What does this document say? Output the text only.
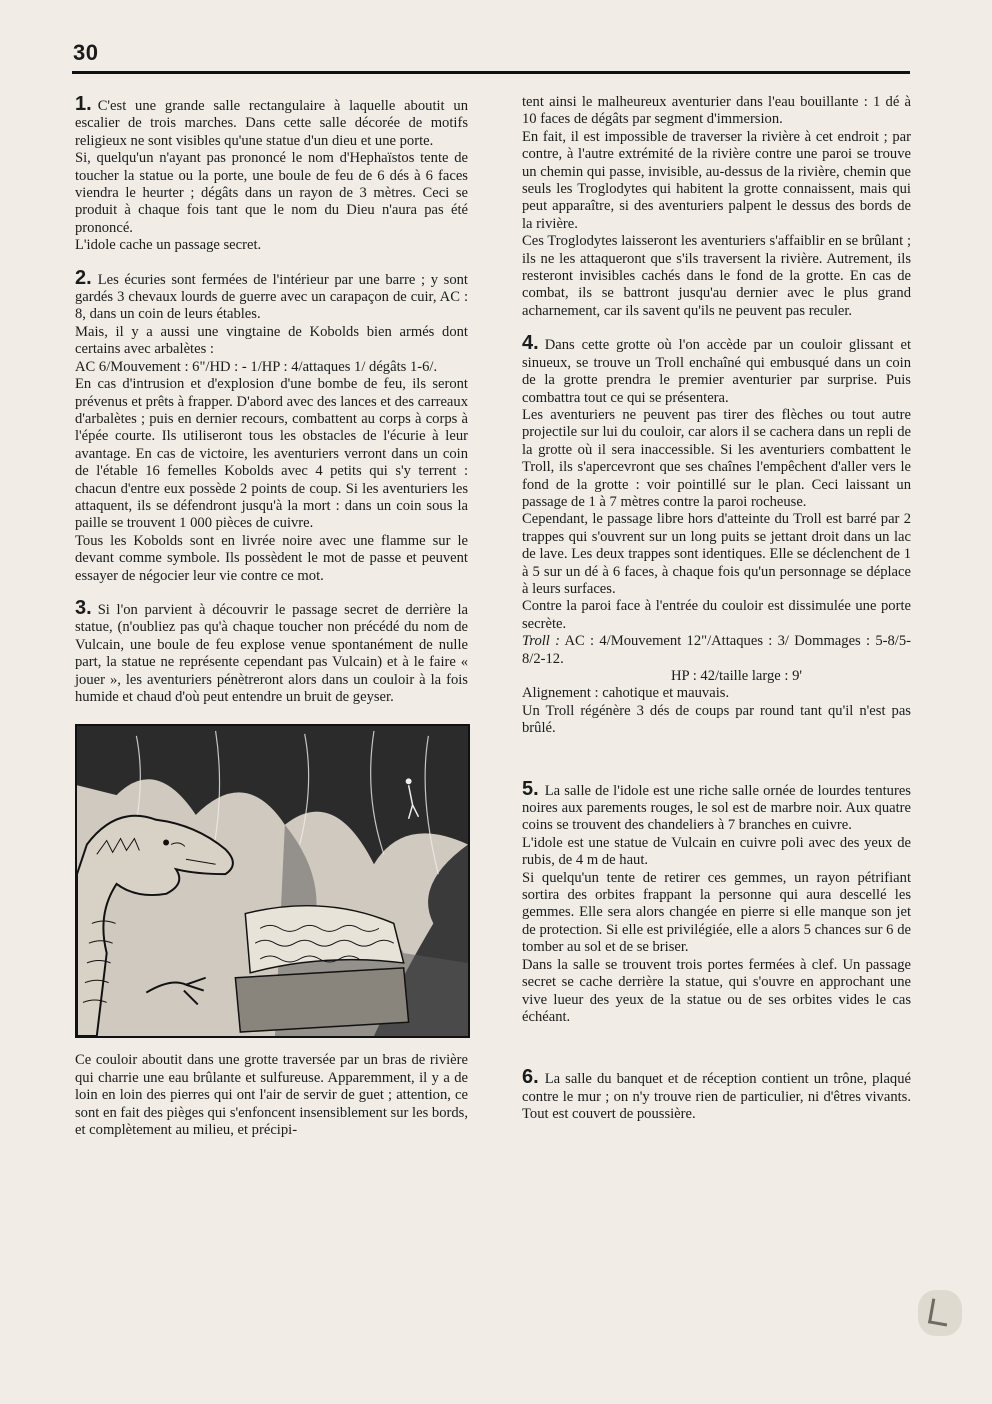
30

1. C'est une grande salle rectangulaire à laquelle aboutit un escalier de trois marches. Dans cette salle décorée de motifs religieux ne sont visibles qu'une statue d'un dieu et une porte.

Si, quelqu'un n'ayant pas prononcé le nom d'Hephaïstos tente de toucher la statue ou la porte, une boule de feu de 6 dés à 6 faces viendra le heurter ; dégâts dans un rayon de 3 mètres. Ceci se produit à chaque fois tant que le nom du Dieu n'aura pas été prononcé.

L'idole cache un passage secret.

2. Les écuries sont fermées de l'intérieur par une barre ; y sont gardés 3 chevaux lourds de guerre avec un carapaçon de cuir, AC : 8, dans un coin de leurs étables.

Mais, il y a aussi une vingtaine de Kobolds bien armés dont certains avec arbalètes :

AC 6/Mouvement : 6"/HD : - 1/HP : 4/attaques 1/ dégâts 1-6/.

En cas d'intrusion et d'explosion d'une bombe de feu, ils seront prévenus et prêts à frapper. D'abord avec des lances et des carreaux d'arbalètes ; puis en dernier recours, combattent au corps à corps à l'épée courte. Ils utiliseront tous les obstacles de l'écurie à leur avantage. En cas de victoire, les aventuriers verront dans un coin de l'étable 16 femelles Kobolds avec 4 petits qui s'y terrent : chacun d'entre eux possède 2 points de coup. Si les aventuriers les attaquent, ils se défendront jusqu'à la mort : dans un coin sous la paille se trouvent 1 000 pièces de cuivre.

Tous les Kobolds sont en livrée noire avec une flamme sur le devant comme symbole. Ils possèdent le mot de passe et peuvent essayer de négocier leur vie contre ce mot.

3. Si l'on parvient à découvrir le passage secret de derrière la statue, (n'oubliez pas qu'à chaque toucher non précédé du nom de Vulcain, une boule de feu explose venue spontanément de nulle part, la statue ne représente cependant pas Vulcain) et à le faire « jouer », les aventuriers pénètreront alors dans un couloir à la fois humide et chaud d'où peut entendre un bruit de geyser.

Ce couloir aboutit dans une grotte traversée par un bras de rivière qui charrie une eau brûlante et sulfureuse. Apparemment, il y a de loin en loin des pierres qui ont l'air de servir de guet ; attention, ce sont en fait des pièges qui s'enfoncent insensiblement sur les bords, et complètement au milieu, et précipi-

tent ainsi le malheureux aventurier dans l'eau bouillante : 1 dé à 10 faces de dégâts par segment d'immersion.

En fait, il est impossible de traverser la rivière à cet endroit ; par contre, à l'autre extrémité de la rivière contre une paroi se trouve un chemin qui passe, invisible, au-dessus de la rivière, chemin que seuls les Troglodytes qui habitent la grotte connaissent, mais qui peut apparaître, si des aventuriers palpent le dessus des bords de la rivière.

Ces Troglodytes laisseront les aventuriers s'affaiblir en se brûlant ; ils ne les attaqueront que s'ils traversent la rivière. Autrement, ils resteront invisibles cachés dans le fond de la grotte. En cas de combat, ils se battront jusqu'au dernier avec le plus grand acharnement, car ils savent qu'ils ne peuvent pas reculer.

4. Dans cette grotte où l'on accède par un couloir glissant et sinueux, se trouve un Troll enchaîné qui embusqué dans un coin de la grotte prendra le premier aventurier par surprise. Puis combattra tout ce qui se présentera.

Les aventuriers ne peuvent pas tirer des flèches ou tout autre projectile sur lui du couloir, car alors il se cachera dans un repli de la grotte où il sera inaccessible. Si les aventuriers combattent le Troll, ils s'apercevront que ses chaînes l'empêchent d'aller vers le fond de la grotte : voir pointillé sur le plan. Ceci laissant un passage de 1 à 7 mètres contre la paroi rocheuse.

Cependant, le passage libre hors d'atteinte du Troll est barré par 2 trappes qui s'ouvrent sur un long puits se jettant droit dans un lac de lave. Les deux trappes sont identiques. Elle se déclenchent de 1 à 5 sur un dé à 6 faces, à chaque fois qu'un personnage se déplace à leurs surfaces.

Contre la paroi face à l'entrée du couloir est dissimulée une porte secrète.

Troll : AC : 4/Mouvement 12"/Attaques : 3/ Dommages : 5-8/5-8/2-12.

HP : 42/taille large : 9'

Alignement : cahotique et mauvais.

Un Troll régénère 3 dés de coups par round tant qu'il n'est pas brûlé.

5. La salle de l'idole est une riche salle ornée de lourdes tentures noires aux parements rouges, le sol est de marbre noir. Aux quatre coins se trouvent des chandeliers à 7 branches en cuivre.

L'idole est une statue de Vulcain en cuivre poli avec des yeux de rubis, de 4 m de haut.

Si quelqu'un tente de retirer ces gemmes, un rayon pétrifiant sortira des orbites frappant la personne qui aura descellé les gemmes. Elle sera alors changée en pierre si elle manque son jet de protection. Si elle est privilégiée, elle a alors 5 chances sur 6 de tomber au sol et de se briser.

Dans la salle se trouvent trois portes fermées à clef. Un passage secret se cache derrière la statue, qui s'ouvre en approchant une vive lueur des yeux de la statue ou de ses orbites vides le cas échéant.

6. La salle du banquet et de réception contient un trône, plaqué contre le mur ; on n'y trouve rien de particulier, ni d'êtres vivants. Tout est couvert de poussière.
